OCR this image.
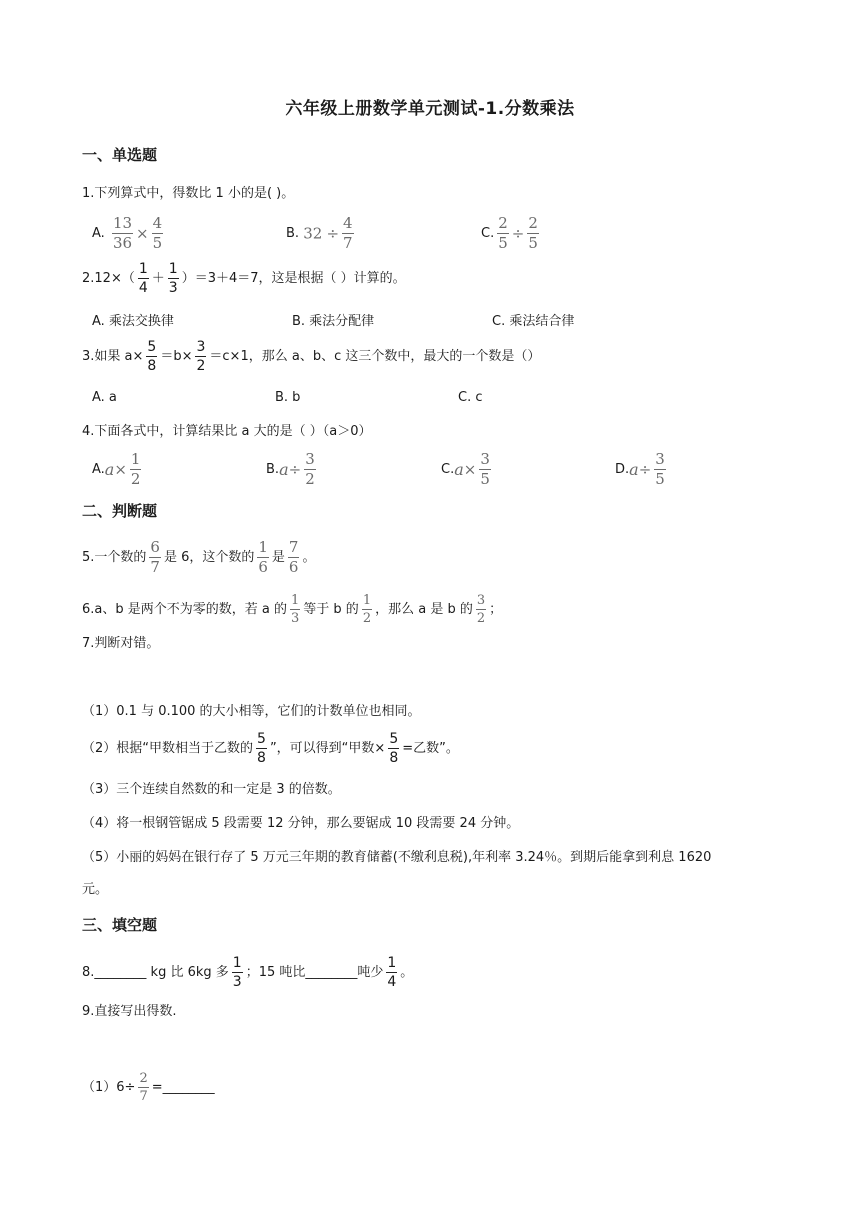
六年级上册数学单元测试-1.分数乘法
一、单选题
1.下列算式中，得数比 1 小的是( )。
A. $\frac{13}{36} \times \frac{4}{5}$	B. $32 \div \frac{4}{7}$	C. $\frac{2}{5} \div \frac{2}{5}$
$2.12\times( \frac{1}{4} + \frac{1}{3} )=3+4=7$，这是根据（ ）计算的。
A. 乘法交换律	B. 乘法分配律	C. 乘法结合律
3.如果 $a\times \frac{5}{8} =b\times \frac{3}{2} =c\times 1$，那么 a、b、c 这三个数中，最大的一个数是（）
A. a	B. b	C. c
4.下面各式中，计算结果比 a 大的是（ ）（a＞0）
$A.a\times \frac{1}{2}$	$B.a\div \frac{3}{2}$	$C.a\times \frac{3}{5}$	$D.a\div \frac{3}{5}$
二、判断题
5.一个数的 $\frac{6}{7}$ 是 6，这个数的 $\frac{1}{6}$ 是 $\frac{7}{6}$ 。
6.a、b 是两个不为零的数，若 a 的 $\frac{1}{3}$ 等于 b 的 $\frac{1}{2}$ ，那么 a 是 b 的 $\frac{3}{2}$ ；
7.判断对错。
（1）0.1 与 0.100 的大小相等，它们的计数单位也相同。
（2）根据“甲数相当于乙数的 $\frac{5}{8}$ ”，可以得到“甲数× $\frac{5}{8}$ =乙数”。
（3）三个连续自然数的和一定是 3 的倍数。
（4）将一根钢管锯成 5 段需要 12 分钟，那么要锯成 10 段需要 24 分钟。
（5）小丽的妈妈在银行存了 5 万元三年期的教育储蓄(不缴利息税),年利率 3.24％。到期后能拿到利息 1620
元。
三、填空题
8.________ kg 比 6kg 多 $\frac{1}{3}$ ；15 吨比________吨少 $\frac{1}{4}$ 。
9.直接写出得数.
$(1)6\div \frac{2}{7}$ =________
